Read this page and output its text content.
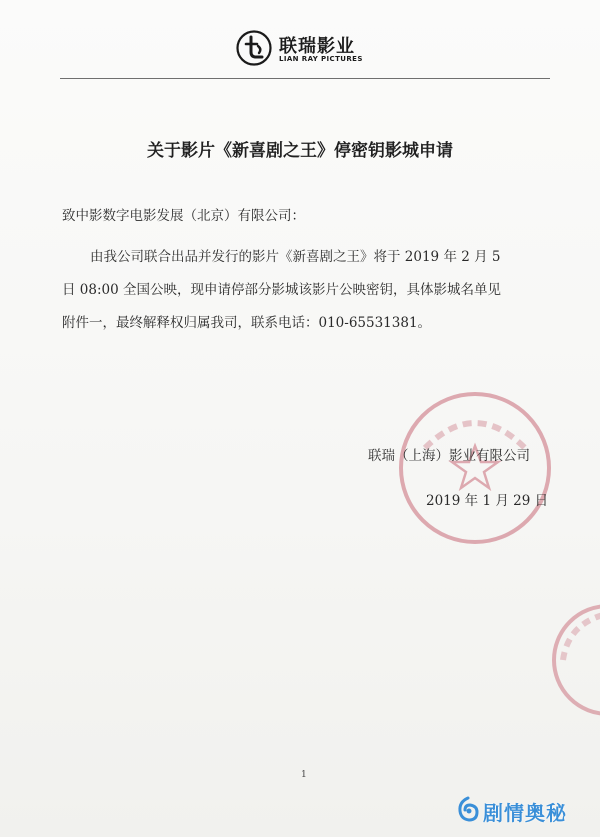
联瑞影业
LIAN RAY PICTURES
关于影片《新喜剧之王》停密钥影城申请
致中影数字电影发展（北京）有限公司：
由我公司联合出品并发行的影片《新喜剧之王》将于 2019 年 2 月 5
日 08:00 全国公映，现申请停部分影城该影片公映密钥，具体影城名单见
附件一，最终解释权归属我司，联系电话：010-65531381。
联瑞（上海）影业有限公司
2019 年 1 月 29 日
1
剧情奥秘
